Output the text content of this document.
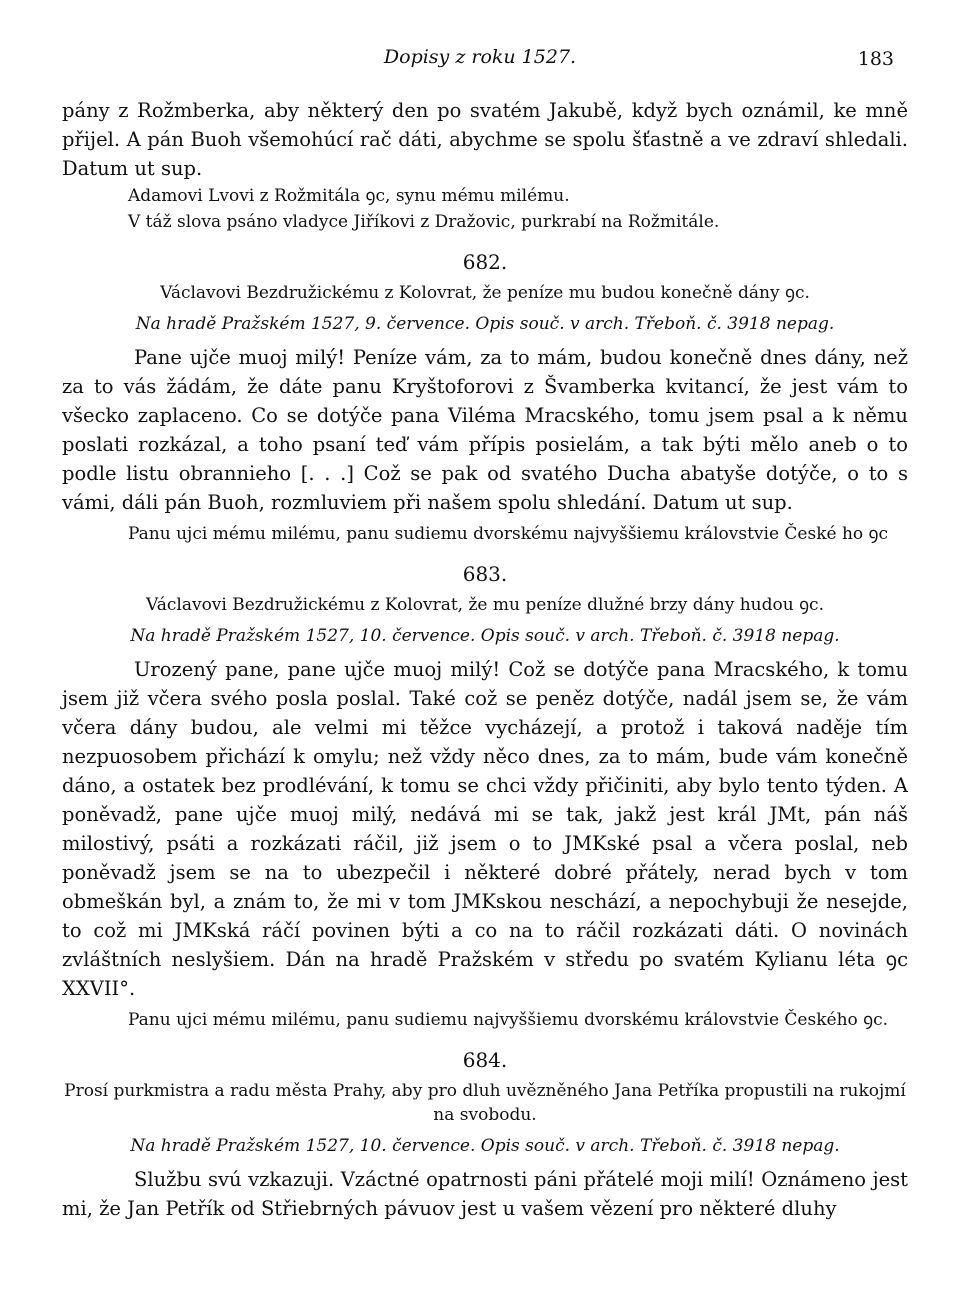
Dopisy z roku 1527.	183

pány z Rožmberka, aby některý den po svatém Jakubě, když bych oznámil, ke mně přijel. A pán Buoh všemohúcí rač dáti, abychme se spolu šťastně a ve zdraví shledali. Datum ut sup.

Adamovi Lvovi z Rožmitála ꝯc, synu mému milému.

V táž slova psáno vladyce Jiříkovi z Dražovic, purkrabí na Rožmitále.

682.
Václavovi Bezdružickému z Kolovrat, že peníze mu budou konečně dány ꝯc.
Na hradě Pražském 1527, 9. července. Opis souč. v arch. Třeboň. č. 3918 nepag.

Pane ujče muoj milý! Peníze vám, za to mám, budou konečně dnes dány, než za to vás žádám, že dáte panu Kryštoforovi z Švamberka kvitancí, že jest vám to všecko zaplaceno. Co se dotýče pana Viléma Mracského, tomu jsem psal a k němu poslati rozkázal, a toho psaní teď vám přípis posielám, a tak býti mělo aneb o to podle listu obrannieho [. . .] Což se pak od svatého Ducha abatyše dotýče, o to s vámi, dáli pán Buoh, rozmluviem při našem spolu shledání. Datum ut sup.

Panu ujci mému milému, panu sudiemu dvorskému najvyššiemu královstvie České ho ꝯc

683.
Václavovi Bezdružickému z Kolovrat, že mu peníze dlužné brzy dány hudou ꝯc.
Na hradě Pražském 1527, 10. července. Opis souč. v arch. Třeboň. č. 3918 nepag.

Urozený pane, pane ujče muoj milý! Což se dotýče pana Mracského, k tomu jsem již včera svého posla poslal. Také což se peněz dotýče, nadál jsem se, že vám včera dány budou, ale velmi mi těžce vycházejí, a protož i taková naděje tím nezpuosobem přichází k omylu; než vždy něco dnes, za to mám, bude vám konečně dáno, a ostatek bez prodlévání, k tomu se chci vždy přičiniti, aby bylo tento týden. A poněvadž, pane ujče muoj milý, nedává mi se tak, jakž jest král JMt, pán náš milostivý, psáti a rozkázati ráčil, již jsem o to JMKské psal a včera poslal, neb poněvadž jsem se na to ubezpečil i některé dobré přátely, nerad bych v tom obmeškán byl, a znám to, že mi v tom JMKskou neschází, a nepochybuji že nesejde, to což mi JMKská ráčí povinen býti a co na to ráčil rozkázati dáti. O novinách zvláštních neslyšiem. Dán na hradě Pražském v středu po svatém Kylianu léta ꝯc XXVII°.

Panu ujci mému milému, panu sudiemu najvyššiemu dvorskému královstvie Českého ꝯc.

684.
Prosí purkmistra a radu města Prahy, aby pro dluh uvězněného Jana Petříka propustili na rukojmí na svobodu.
Na hradě Pražském 1527, 10. července. Opis souč. v arch. Třeboň. č. 3918 nepag.

Službu svú vzkazuji. Vzáctné opatrnosti páni přátelé moji milí! Oznámeno jest mi, že Jan Petřík od Střiebrných pávuov jest u vašem vězení pro některé dluhy
